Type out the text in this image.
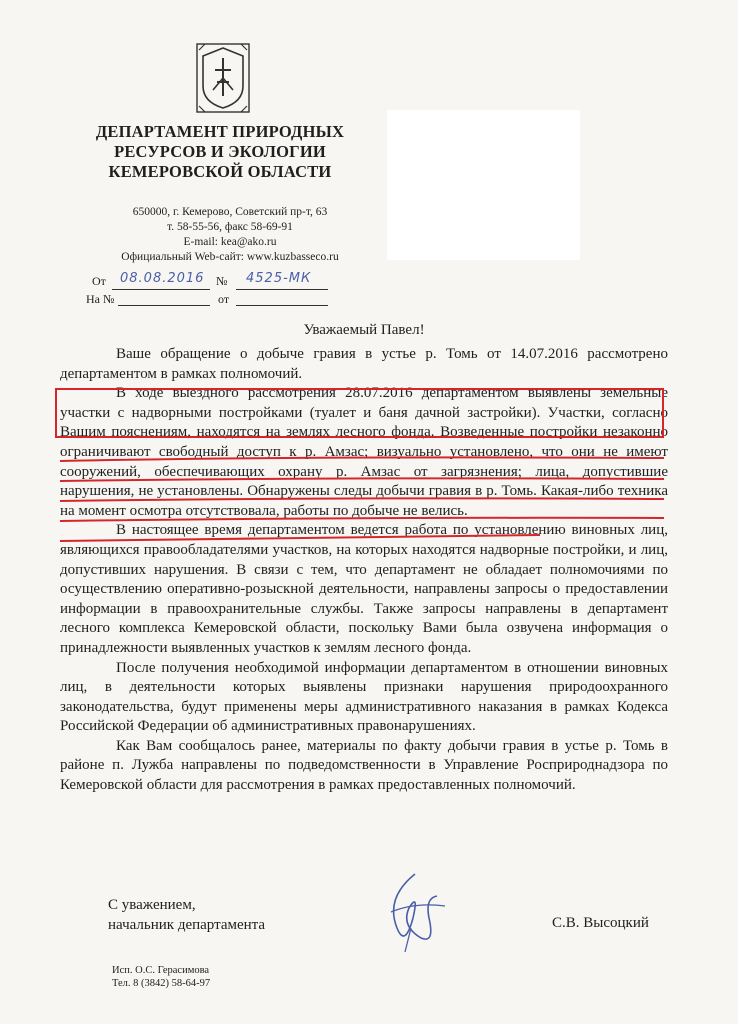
ДЕПАРТАМЕНТ ПРИРОДНЫХ
РЕСУРСОВ И ЭКОЛОГИИ
КЕМЕРОВСКОЙ ОБЛАСТИ
650000, г. Кемерово, Советский пр-т, 63
т. 58-55-56, факс 58-69-91
E-mail: kea@ako.ru
Официальный Web-сайт: www.kuzbasseco.ru
От 08.08.2016 № 4525-МК
На №	от
Уважаемый Павел!

Ваше обращение о добыче гравия в устье р. Томь от 14.07.2016 рассмотрено департаментом в рамках полномочий.

В ходе выездного рассмотрения 28.07.2016 департаментом выявлены земельные участки с надворными постройками (туалет и баня дачной застройки). Участки, согласно Вашим пояснениям, находятся на землях лесного фонда. Возведенные постройки незаконно ограничивают свободный доступ к р. Амзас; визуально установлено, что они не имеют сооружений, обеспечивающих охрану р. Амзас от загрязнения; лица, допустившие нарушения, не установлены. Обнаружены следы добычи гравия в р. Томь. Какая-либо техника на момент осмотра отсутствовала, работы по добыче не велись.

В настоящее время департаментом ведется работа по установлению виновных лиц, являющихся правообладателями участков, на которых находятся надворные постройки, и лиц, допустивших нарушения. В связи с тем, что департамент не обладает полномочиями по осуществлению оперативно-розыскной деятельности, направлены запросы о предоставлении информации в правоохранительные службы. Также запросы направлены в департамент лесного комплекса Кемеровской области, поскольку Вами была озвучена информация о принадлежности выявленных участков к землям лесного фонда.

После получения необходимой информации департаментом в отношении виновных лиц, в деятельности которых выявлены признаки нарушения природоохранного законодательства, будут применены меры административного наказания в рамках Кодекса Российской Федерации об административных правонарушениях.

Как Вам сообщалось ранее, материалы по факту добычи гравия в устье р. Томь в районе п. Лужба направлены по подведомственности в Управление Росприроднадзора по Кемеровской области для рассмотрения в рамках предоставленных полномочий.

С уважением,
начальник департамента	С.В. Высоцкий
Исп. О.С. Герасимова
Тел. 8 (3842) 58-64-97
